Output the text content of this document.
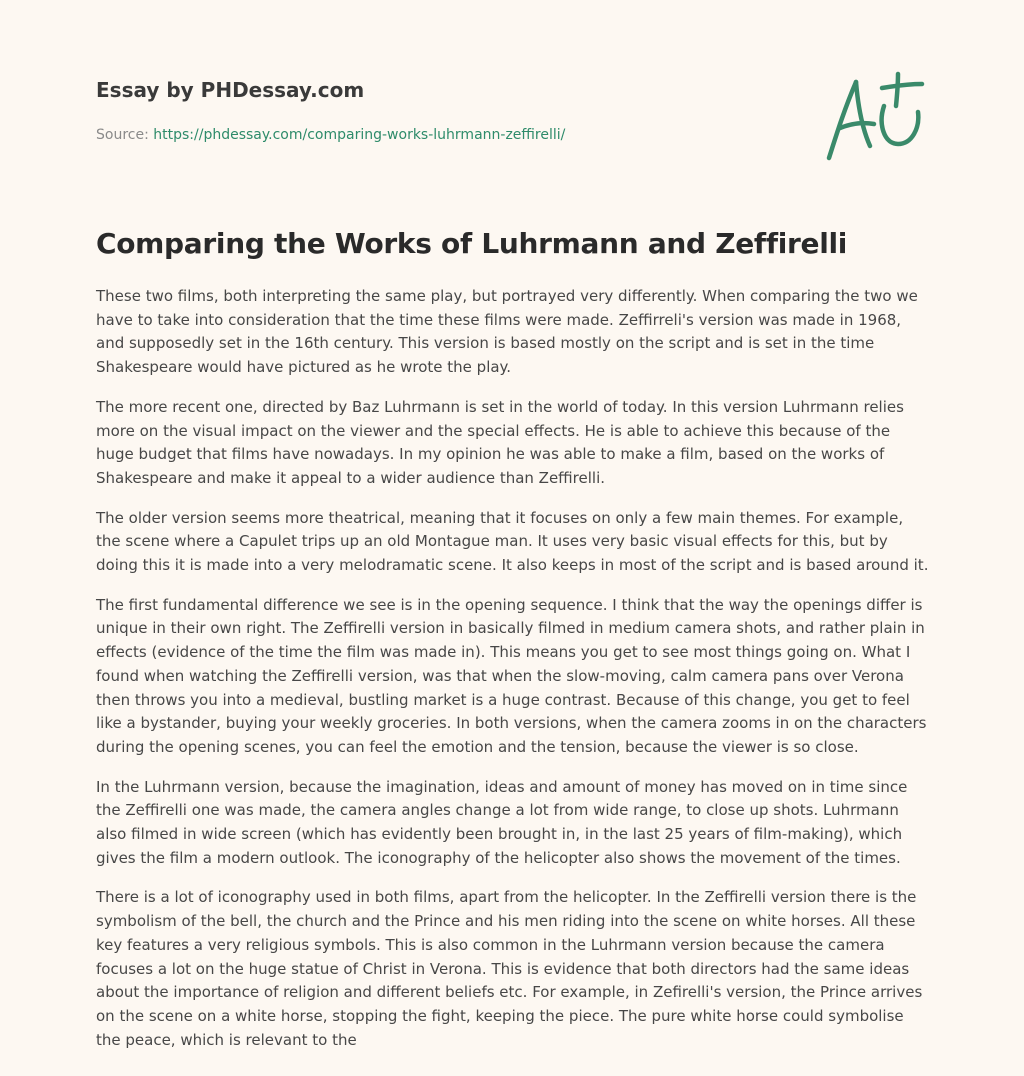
Essay by PHDessay.com
Source: https://phdessay.com/comparing-works-luhrmann-zeffirelli/
Comparing the Works of Luhrmann and Zeffirelli

These two films, both interpreting the same play, but portrayed very differently. When comparing the two we have to take into consideration that the time these films were made. Zeffirreli's version was made in 1968, and supposedly set in the 16th century. This version is based mostly on the script and is set in the time Shakespeare would have pictured as he wrote the play.

The more recent one, directed by Baz Luhrmann is set in the world of today. In this version Luhrmann relies more on the visual impact on the viewer and the special effects. He is able to achieve this because of the huge budget that films have nowadays. In my opinion he was able to make a film, based on the works of Shakespeare and make it appeal to a wider audience than Zeffirelli.

The older version seems more theatrical, meaning that it focuses on only a few main themes. For example, the scene where a Capulet trips up an old Montague man. It uses very basic visual effects for this, but by doing this it is made into a very melodramatic scene. It also keeps in most of the script and is based around it.

The first fundamental difference we see is in the opening sequence. I think that the way the openings differ is unique in their own right. The Zeffirelli version in basically filmed in medium camera shots, and rather plain in effects (evidence of the time the film was made in). This means you get to see most things going on. What I found when watching the Zeffirelli version, was that when the slow-moving, calm camera pans over Verona then throws you into a medieval, bustling market is a huge contrast. Because of this change, you get to feel like a bystander, buying your weekly groceries. In both versions, when the camera zooms in on the characters during the opening scenes, you can feel the emotion and the tension, because the viewer is so close.

In the Luhrmann version, because the imagination, ideas and amount of money has moved on in time since the Zeffirelli one was made, the camera angles change a lot from wide range, to close up shots. Luhrmann also filmed in wide screen (which has evidently been brought in, in the last 25 years of film-making), which gives the film a modern outlook. The iconography of the helicopter also shows the movement of the times.

There is a lot of iconography used in both films, apart from the helicopter. In the Zeffirelli version there is the symbolism of the bell, the church and the Prince and his men riding into the scene on white horses. All these key features a very religious symbols. This is also common in the Luhrmann version because the camera focuses a lot on the huge statue of Christ in Verona. This is evidence that both directors had the same ideas about the importance of religion and different beliefs etc. For example, in Zefirelli's version, the Prince arrives on the scene on a white horse, stopping the fight, keeping the piece. The pure white horse could symbolise the peace, which is relevant to the
